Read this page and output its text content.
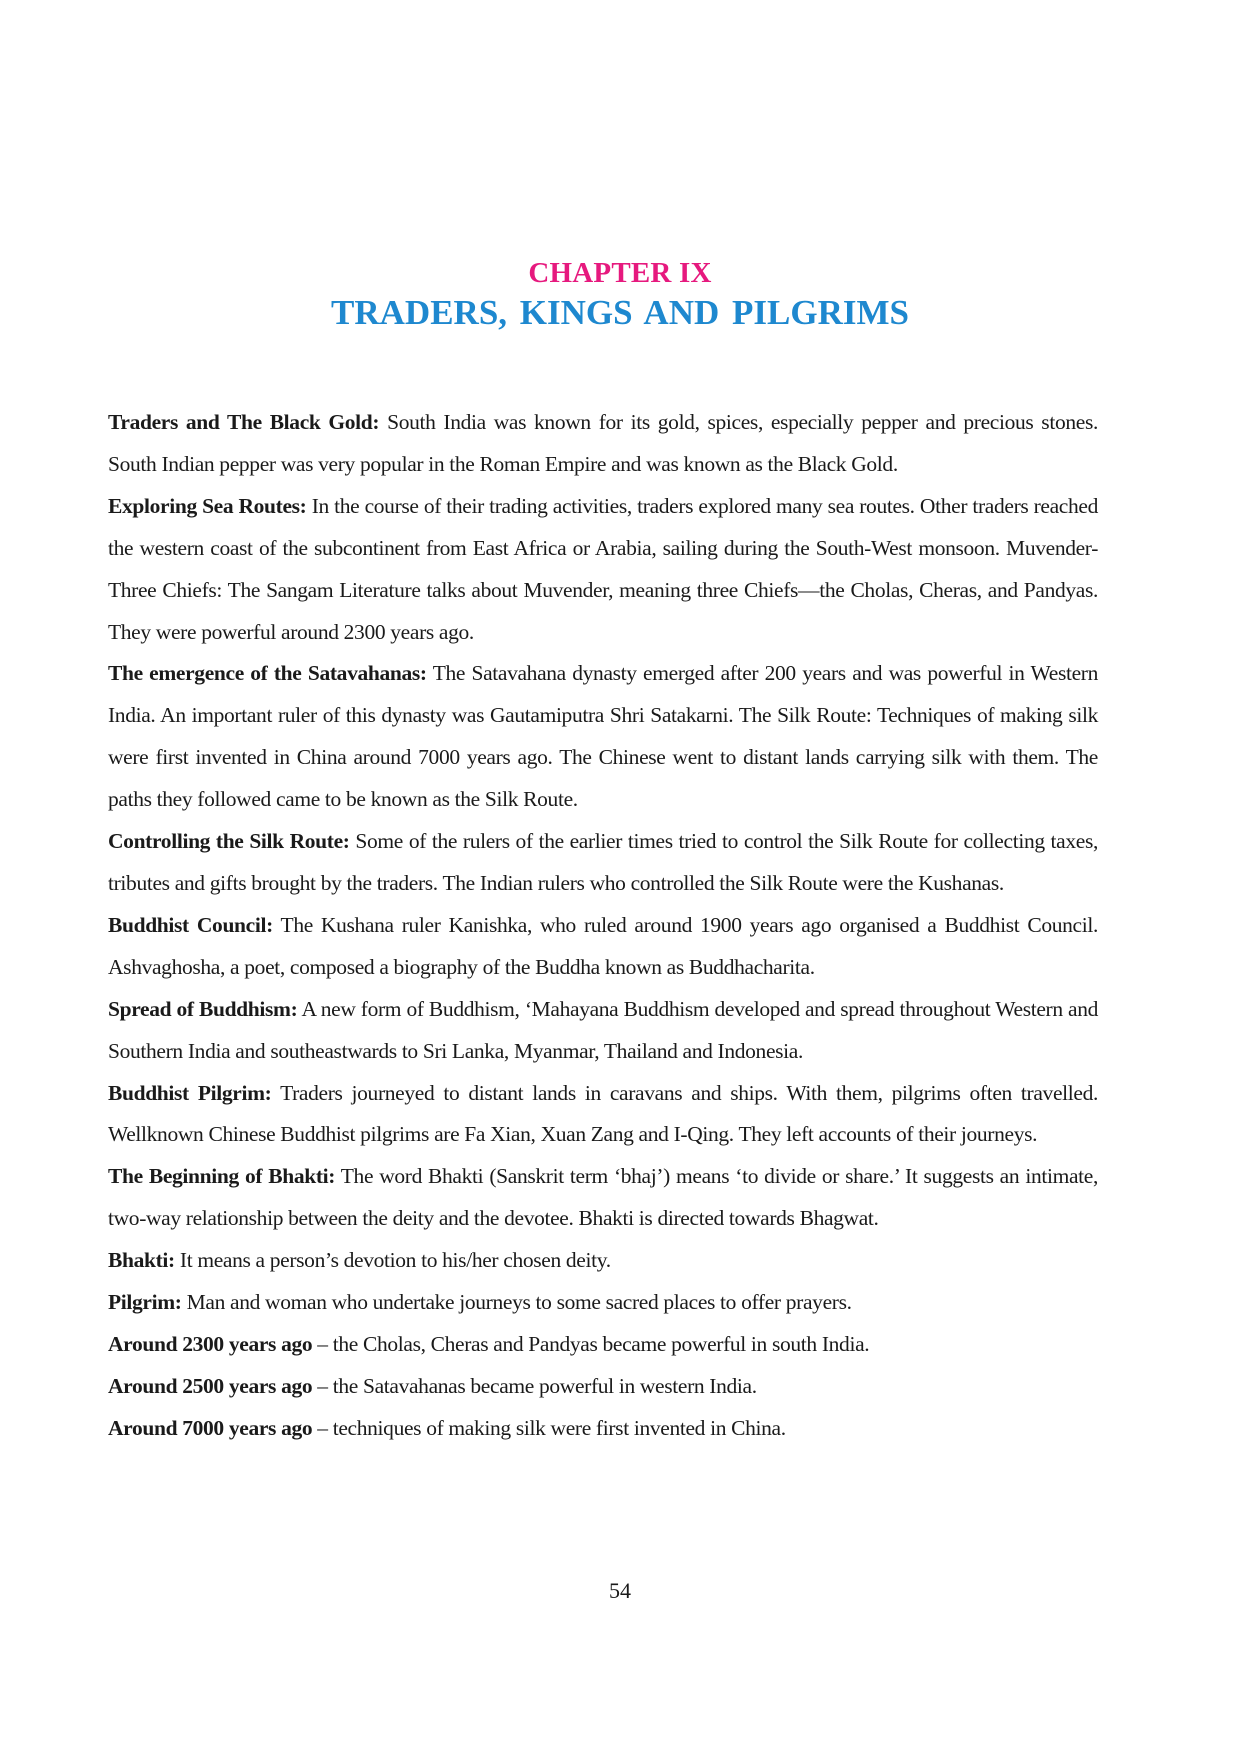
CHAPTER IX
TRADERS, KINGS AND PILGRIMS

Traders and The Black Gold: South India was known for its gold, spices, especially pepper and precious stones. South Indian pepper was very popular in the Roman Empire and was known as the Black Gold.

Exploring Sea Routes: In the course of their trading activities, traders explored many sea routes. Other traders reached the western coast of the subcontinent from East Africa or Arabia, sailing during the South-West monsoon. Muvender-Three Chiefs: The Sangam Literature talks about Muvender, meaning three Chiefs—the Cholas, Cheras, and Pandyas. They were powerful around 2300 years ago.

The emergence of the Satavahanas: The Satavahana dynasty emerged after 200 years and was powerful in Western India. An important ruler of this dynasty was Gautamiputra Shri Satakarni. The Silk Route: Techniques of making silk were first invented in China around 7000 years ago. The Chinese went to distant lands carrying silk with them. The paths they followed came to be known as the Silk Route.

Controlling the Silk Route: Some of the rulers of the earlier times tried to control the Silk Route for collecting taxes, tributes and gifts brought by the traders. The Indian rulers who controlled the Silk Route were the Kushanas.

Buddhist Council: The Kushana ruler Kanishka, who ruled around 1900 years ago organised a Buddhist Council. Ashvaghosha, a poet, composed a biography of the Buddha known as Buddhacharita.

Spread of Buddhism: A new form of Buddhism, ‘Mahayana Buddhism developed and spread throughout Western and Southern India and southeastwards to Sri Lanka, Myanmar, Thailand and Indonesia.

Buddhist Pilgrim: Traders journeyed to distant lands in caravans and ships. With them, pilgrims often travelled. Wellknown Chinese Buddhist pilgrims are Fa Xian, Xuan Zang and I-Qing. They left accounts of their journeys.

The Beginning of Bhakti: The word Bhakti (Sanskrit term ‘bhaj’) means ‘to divide or share.’ It suggests an intimate, two-way relationship between the deity and the devotee. Bhakti is directed towards Bhagwat.

Bhakti: It means a person’s devotion to his/her chosen deity.

Pilgrim: Man and woman who undertake journeys to some sacred places to offer prayers.

Around 2300 years ago – the Cholas, Cheras and Pandyas became powerful in south India.

Around 2500 years ago – the Satavahanas became powerful in western India.

Around 7000 years ago – techniques of making silk were first invented in China.

54
